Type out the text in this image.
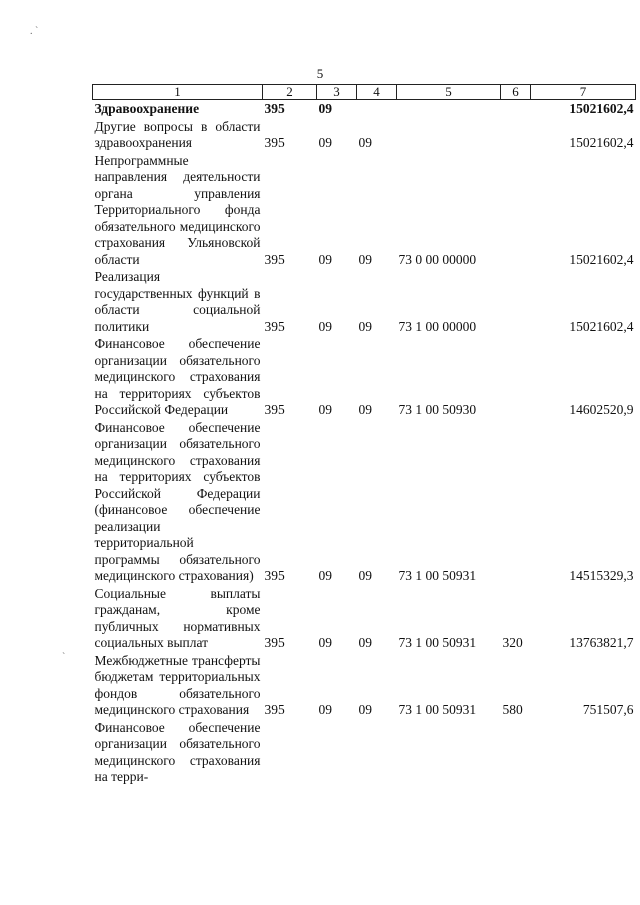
. `
`
5
1	2	3	4	5	6	7
Здравоохранение	395	09				15021602,4
Другие вопросы в области здравоохранения	395	09	09			15021602,4
Непрограммные направления деятельности органа управления Территориального фонда обязательного медицинского страхования Ульяновской области	395	09	09	73 0 00 00000		15021602,4
Реализация государственных функций в области социальной политики	395	09	09	73 1 00 00000		15021602,4
Финансовое обеспечение организации обязательного медицинского страхования на территориях субъектов Российской Федерации	395	09	09	73 1 00 50930		14602520,9
Финансовое обеспечение организации обязательного медицинского страхования на территориях субъектов Российской Федерации (финансовое обеспечение реализации территориальной программы обязательного медицинского страхования)	395	09	09	73 1 00 50931		14515329,3
Социальные выплаты гражданам, кроме публичных нормативных социальных выплат	395	09	09	73 1 00 50931	320	13763821,7
Межбюджетные трансферты бюджетам территориальных фондов обязательного медицинского страхования	395	09	09	73 1 00 50931	580	751507,6
Финансовое обеспечение организации обязательного медицинского страхования на терри-						
